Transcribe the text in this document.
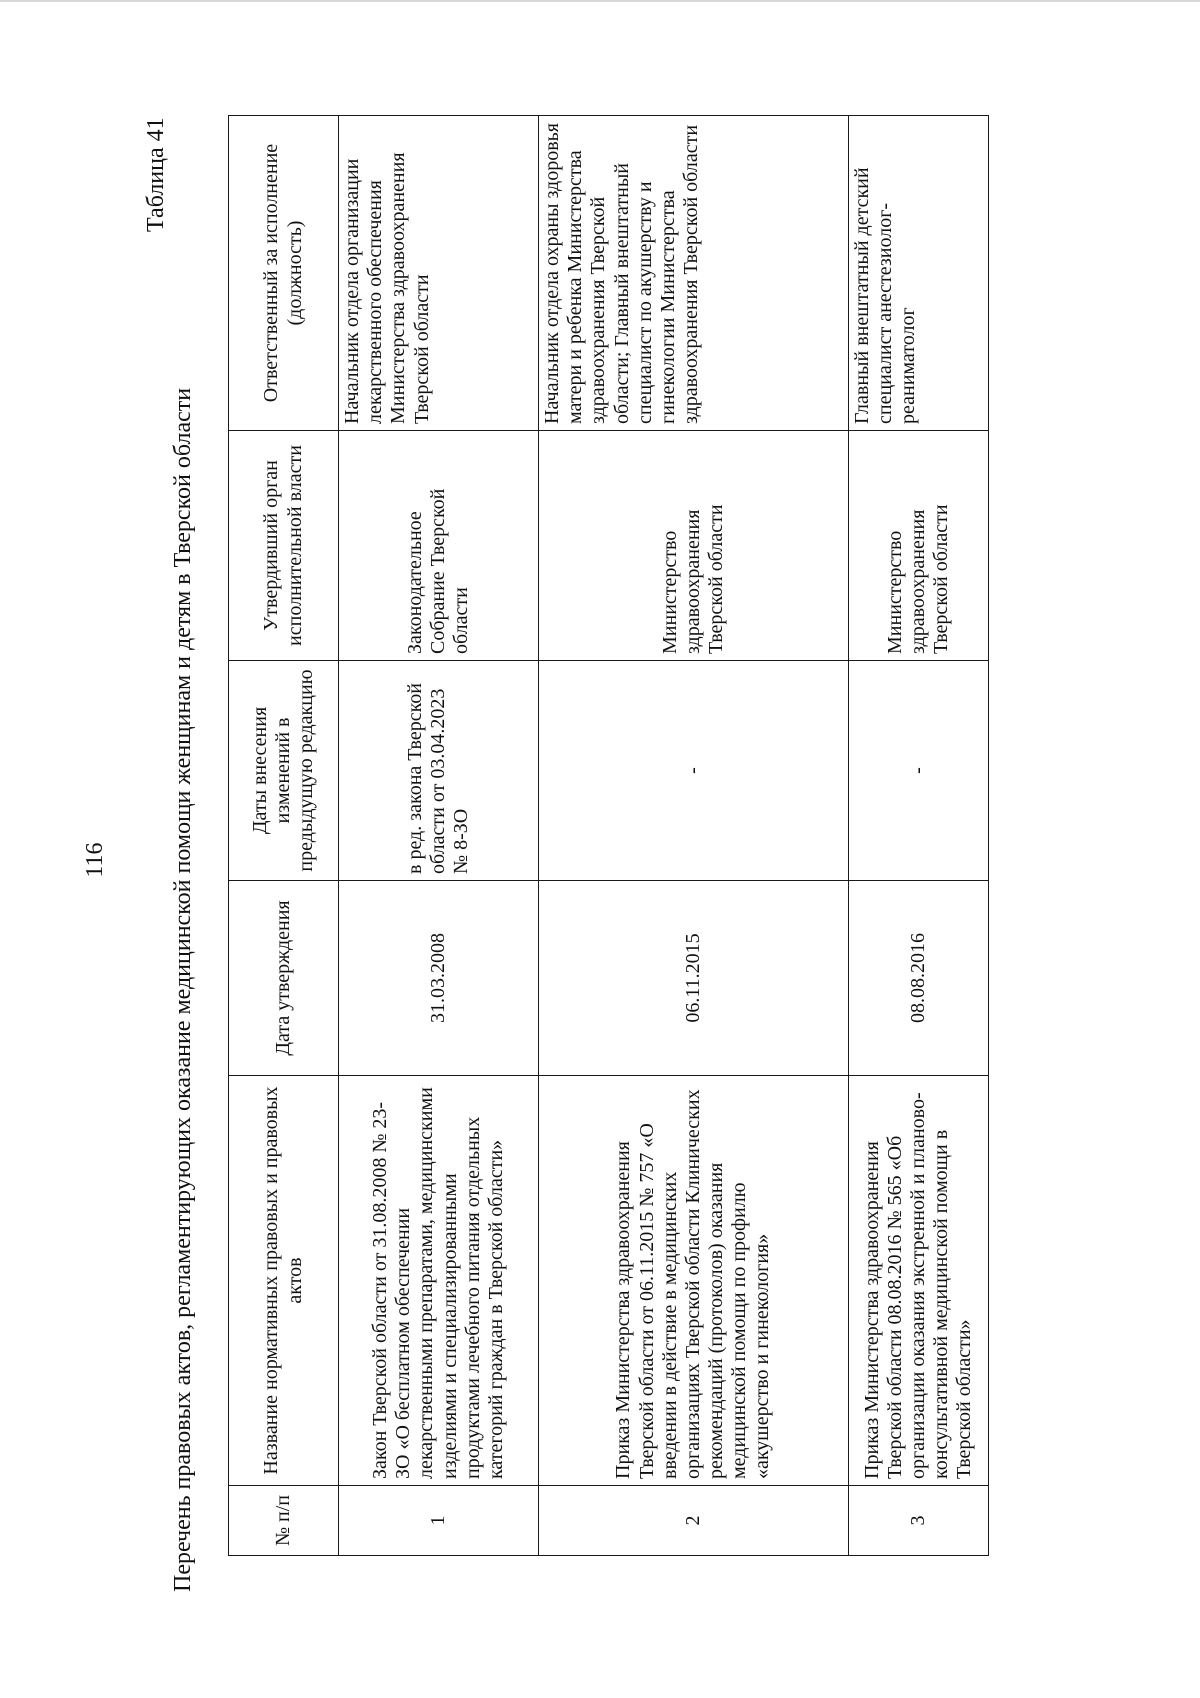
116
Таблица 41
Перечень правовых актов, регламентирующих оказание медицинской помощи женщинам и детям в Тверской области	№ п/п	Название нормативных правовых и правовых актов	Дата утверждения	Даты внесения изменений в предыдущую редакцию	Утвердивший орган исполнительной власти	Ответственный за исполнение (должность)
1	Закон Тверской области от 31.08.2008 № 23-ЗО «О бесплатном обеспечении лекарственными препаратами, медицинскими изделиями и специализированными продуктами лечебного питания отдельных категорий граждан в Тверской области»	31.03.2008	в ред. закона Тверской области от 03.04.2023 № 8-ЗО	Законодательное Собрание Тверской области	Начальник отдела организации лекарственного обеспечения Министерства здравоохранения Тверской области
2	Приказ Министерства здравоохранения Тверской области от 06.11.2015 № 757 «О введении в действие в медицинских организациях Тверской области Клинических рекомендаций (протоколов) оказания медицинской помощи по профилю «акушерство и гинекология»	06.11.2015	-	Министерство здравоохранения Тверской области	Начальник отдела охраны здоровья матери и ребенка Министерства здравоохранения Тверской области; Главный внештатный специалист по акушерству и гинекологии Министерства здравоохранения Тверской области
3	Приказ Министерства здравоохранения Тверской области 08.08.2016 № 565 «Об организации оказания экстренной и планово-консультативной медицинской помощи в Тверской области»	08.08.2016	-	Министерство здравоохранения Тверской области	Главный внештатный детский специалист анестезиолог-реаниматолог
